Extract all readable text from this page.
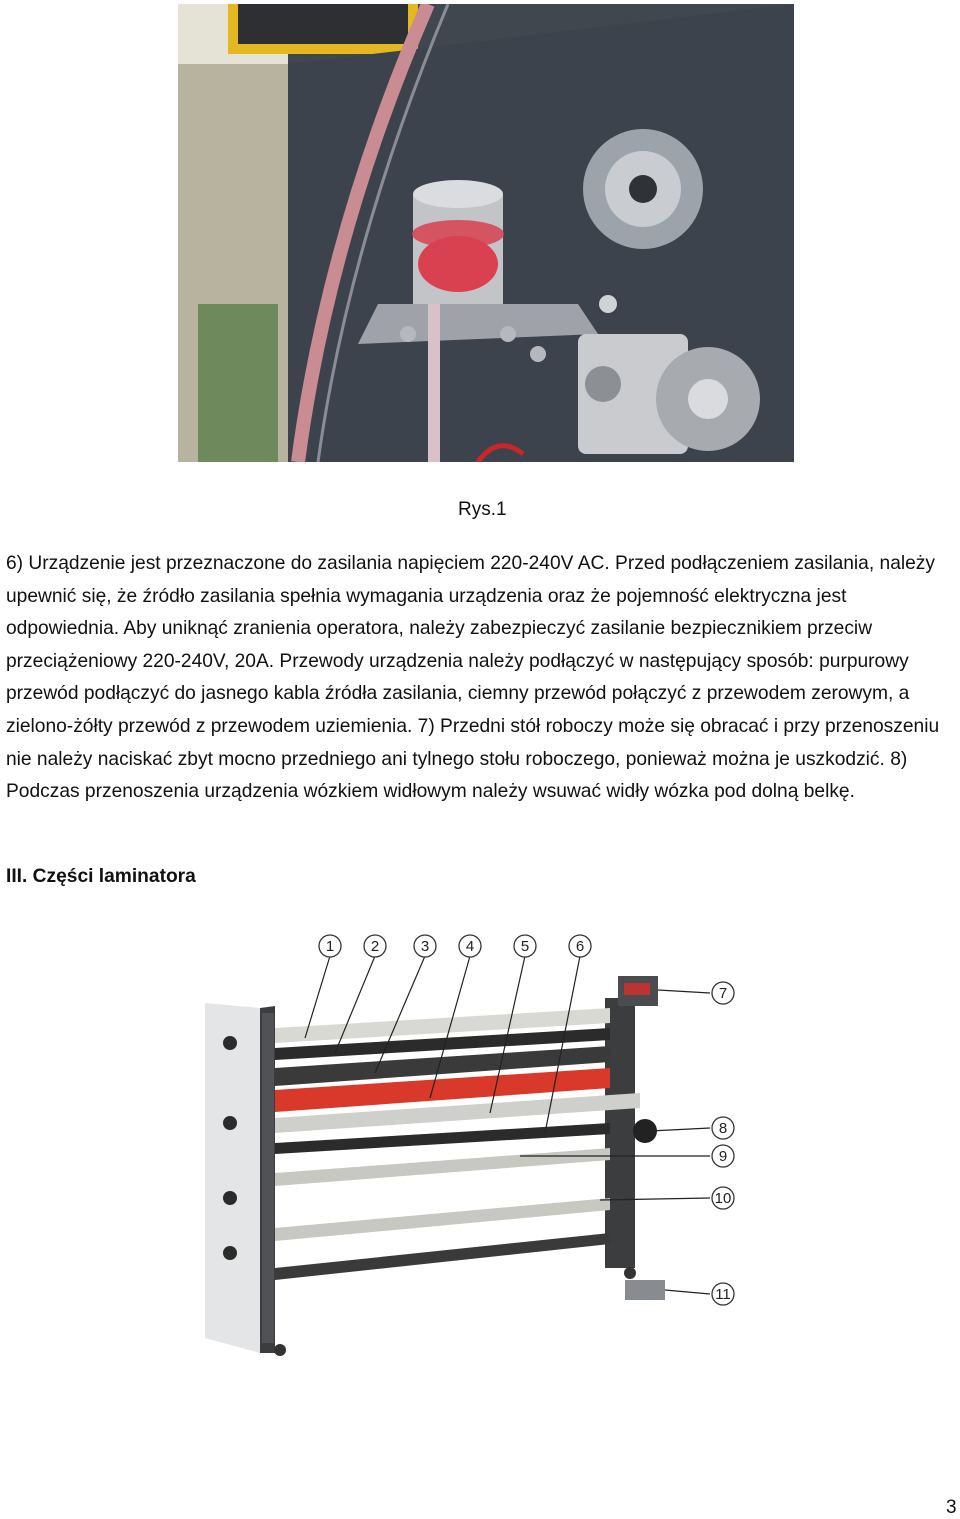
Rys.1

6) Urządzenie jest przeznaczone do zasilania napięciem 220-240V AC. Przed podłączeniem zasilania, należy upewnić się, że źródło zasilania spełnia wymagania urządzenia oraz że pojemność elektryczna jest odpowiednia. Aby uniknąć zranienia operatora, należy zabezpieczyć zasilanie bezpiecznikiem przeciw przeciążeniowy 220-240V, 20A. Przewody urządzenia należy podłączyć w następujący sposób: purpurowy przewód podłączyć do jasnego kabla źródła zasilania, ciemny przewód połączyć z przewodem zerowym, a zielono-żółty przewód z przewodem uziemienia. 7) Przedni stół roboczy może się obracać i przy przenoszeniu nie należy naciskać zbyt mocno przedniego ani tylnego stołu roboczego, ponieważ można je uszkodzić. 8) Podczas przenoszenia urządzenia wózkiem widłowym należy wsuwać widły wózka pod dolną belkę.

III. Części laminatora

1 2	3 4	5	6
7
8
9
10
11
3
